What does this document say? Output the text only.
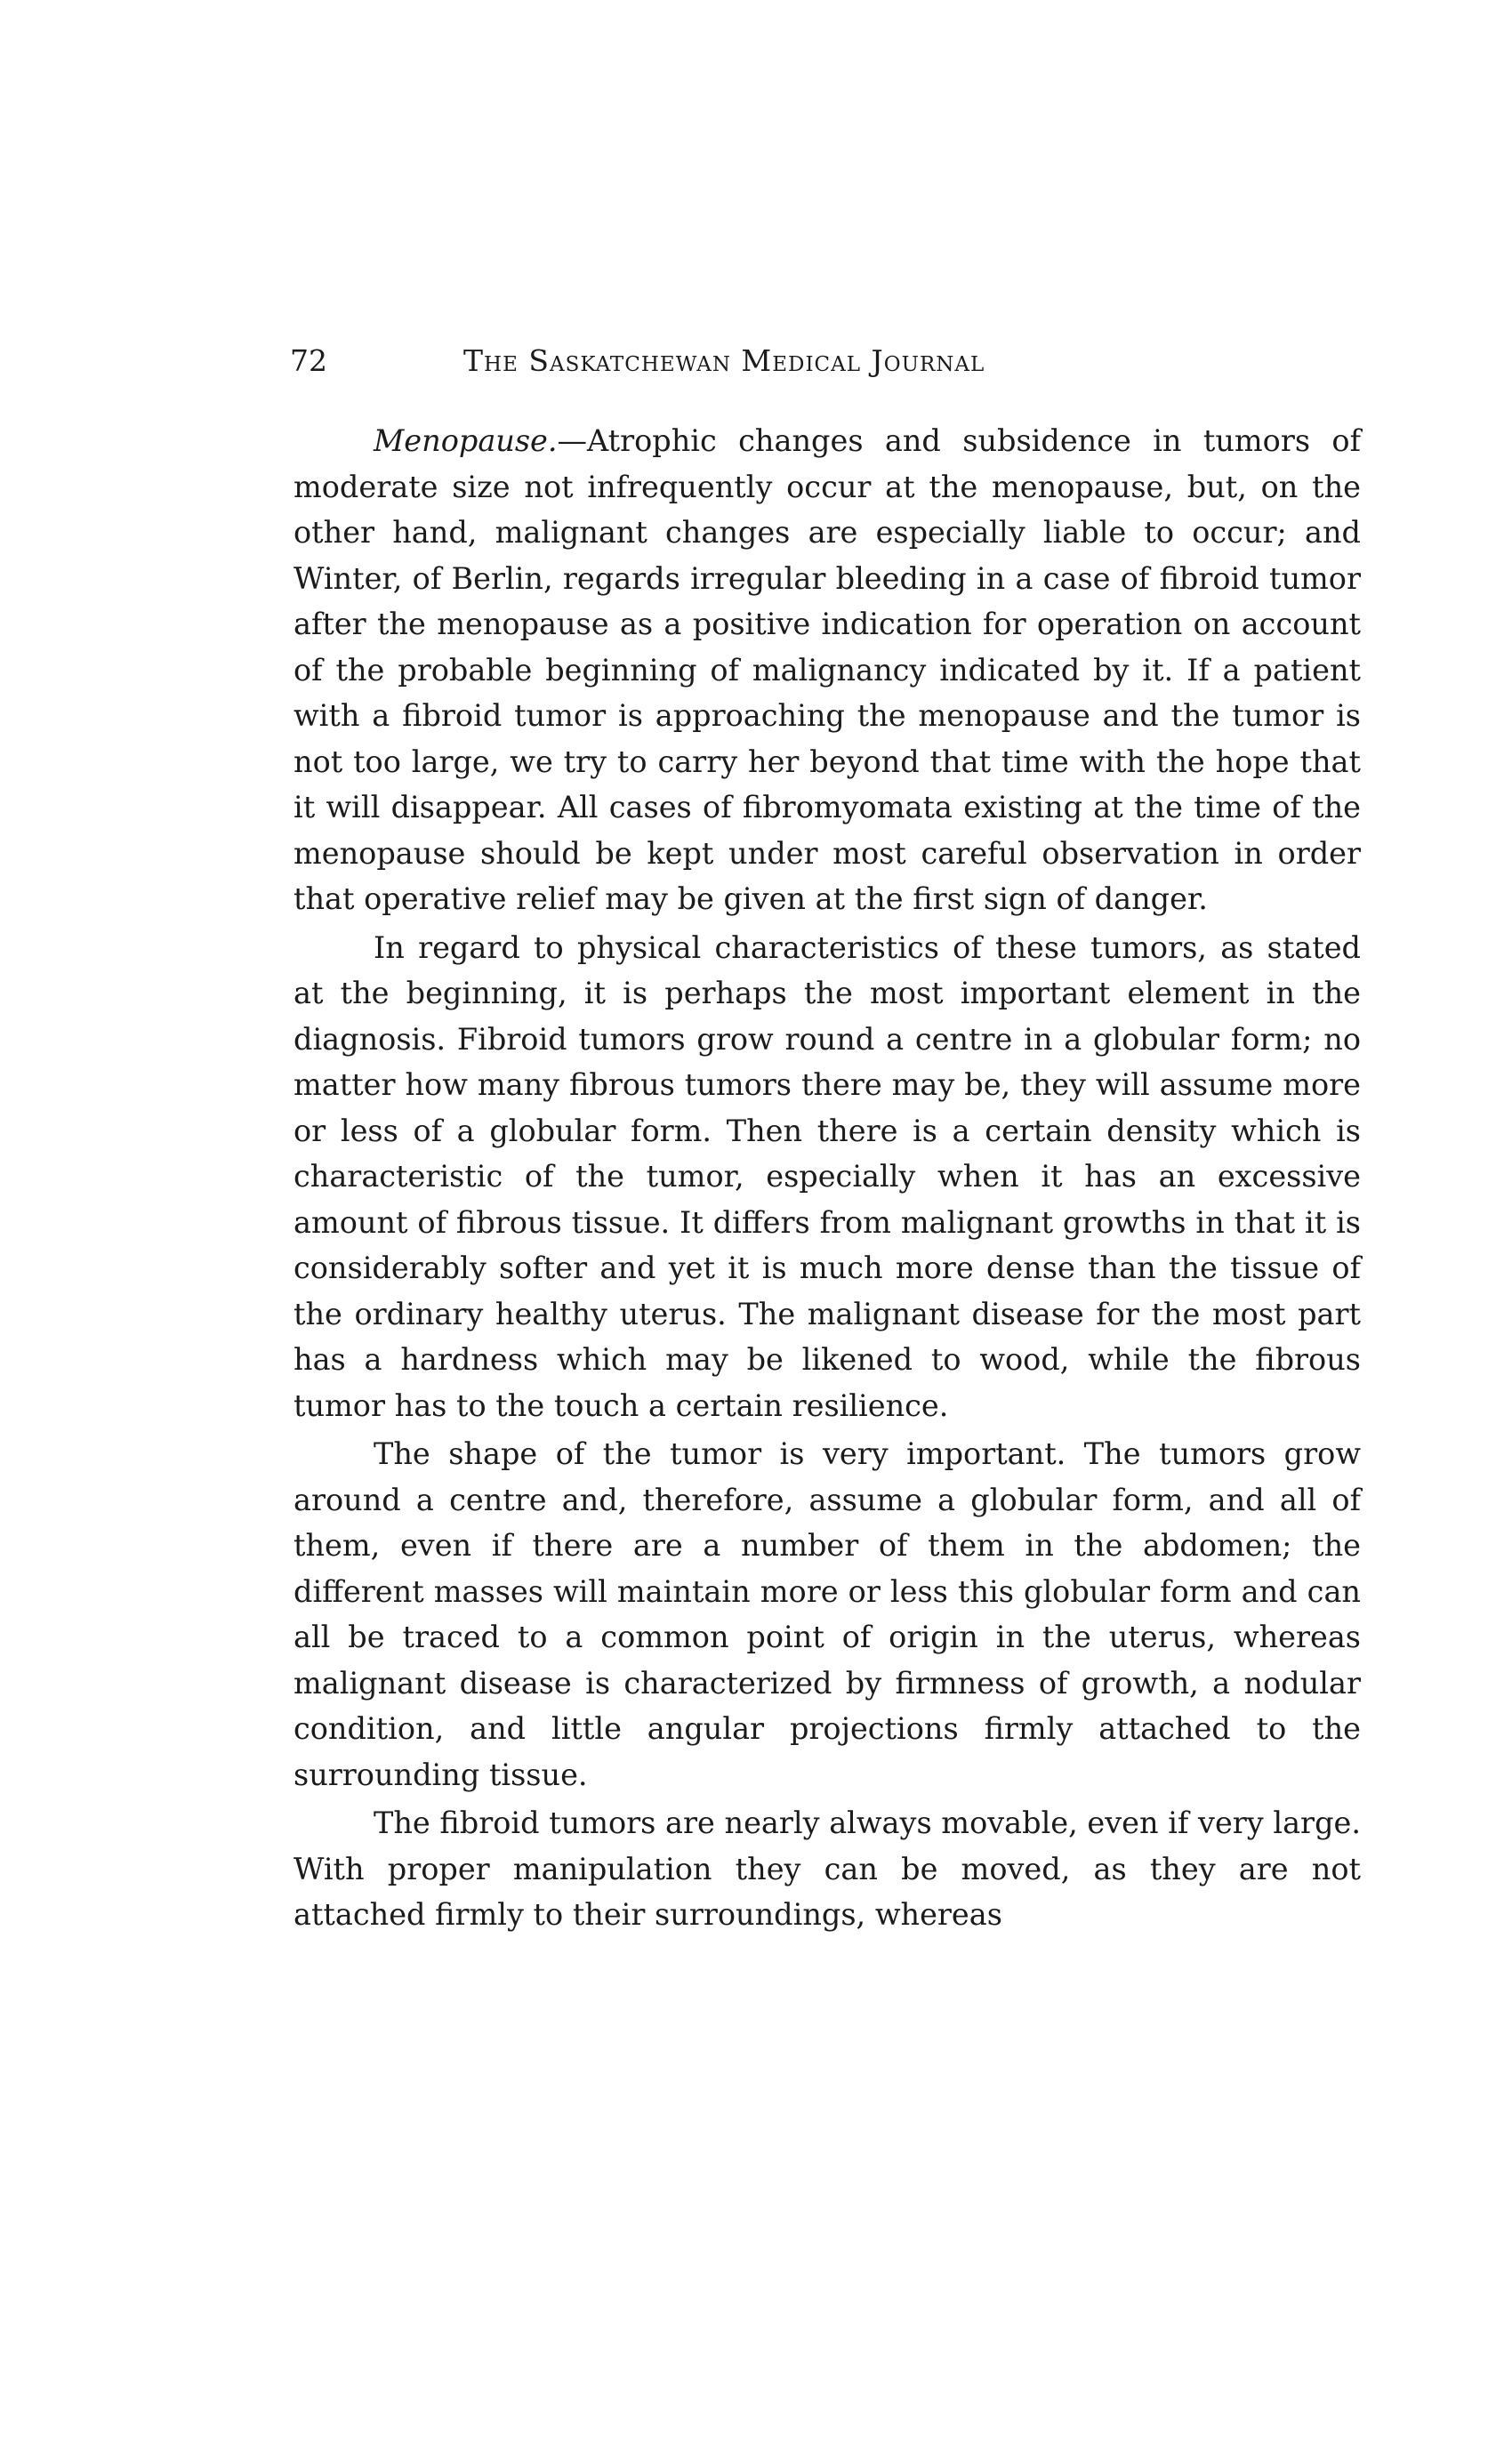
72	The Saskatchewan Medical Journal

Menopause.—Atrophic changes and subsidence in tumors of moderate size not infrequently occur at the menopause, but, on the other hand, malignant changes are especially liable to occur; and Winter, of Berlin, regards irregular bleeding in a case of fibroid tumor after the menopause as a positive indication for operation on account of the probable beginning of malignancy indicated by it. If a patient with a fibroid tumor is approaching the menopause and the tumor is not too large, we try to carry her beyond that time with the hope that it will disappear. All cases of fibromyomata existing at the time of the menopause should be kept under most careful observation in order that operative relief may be given at the first sign of danger.

In regard to physical characteristics of these tumors, as stated at the beginning, it is perhaps the most important element in the diagnosis. Fibroid tumors grow round a centre in a globular form; no matter how many fibrous tumors there may be, they will assume more or less of a globular form. Then there is a certain density which is characteristic of the tumor, especially when it has an excessive amount of fibrous tissue. It differs from malignant growths in that it is considerably softer and yet it is much more dense than the tissue of the ordinary healthy uterus. The malignant disease for the most part has a hardness which may be likened to wood, while the fibrous tumor has to the touch a certain resilience.

The shape of the tumor is very important. The tumors grow around a centre and, therefore, assume a globular form, and all of them, even if there are a number of them in the abdomen; the different masses will maintain more or less this globular form and can all be traced to a common point of origin in the uterus, whereas malignant disease is characterized by firmness of growth, a nodular condition, and little angular projections firmly attached to the surrounding tissue.

The fibroid tumors are nearly always movable, even if very large. With proper manipulation they can be moved, as they are not attached firmly to their surroundings, whereas
